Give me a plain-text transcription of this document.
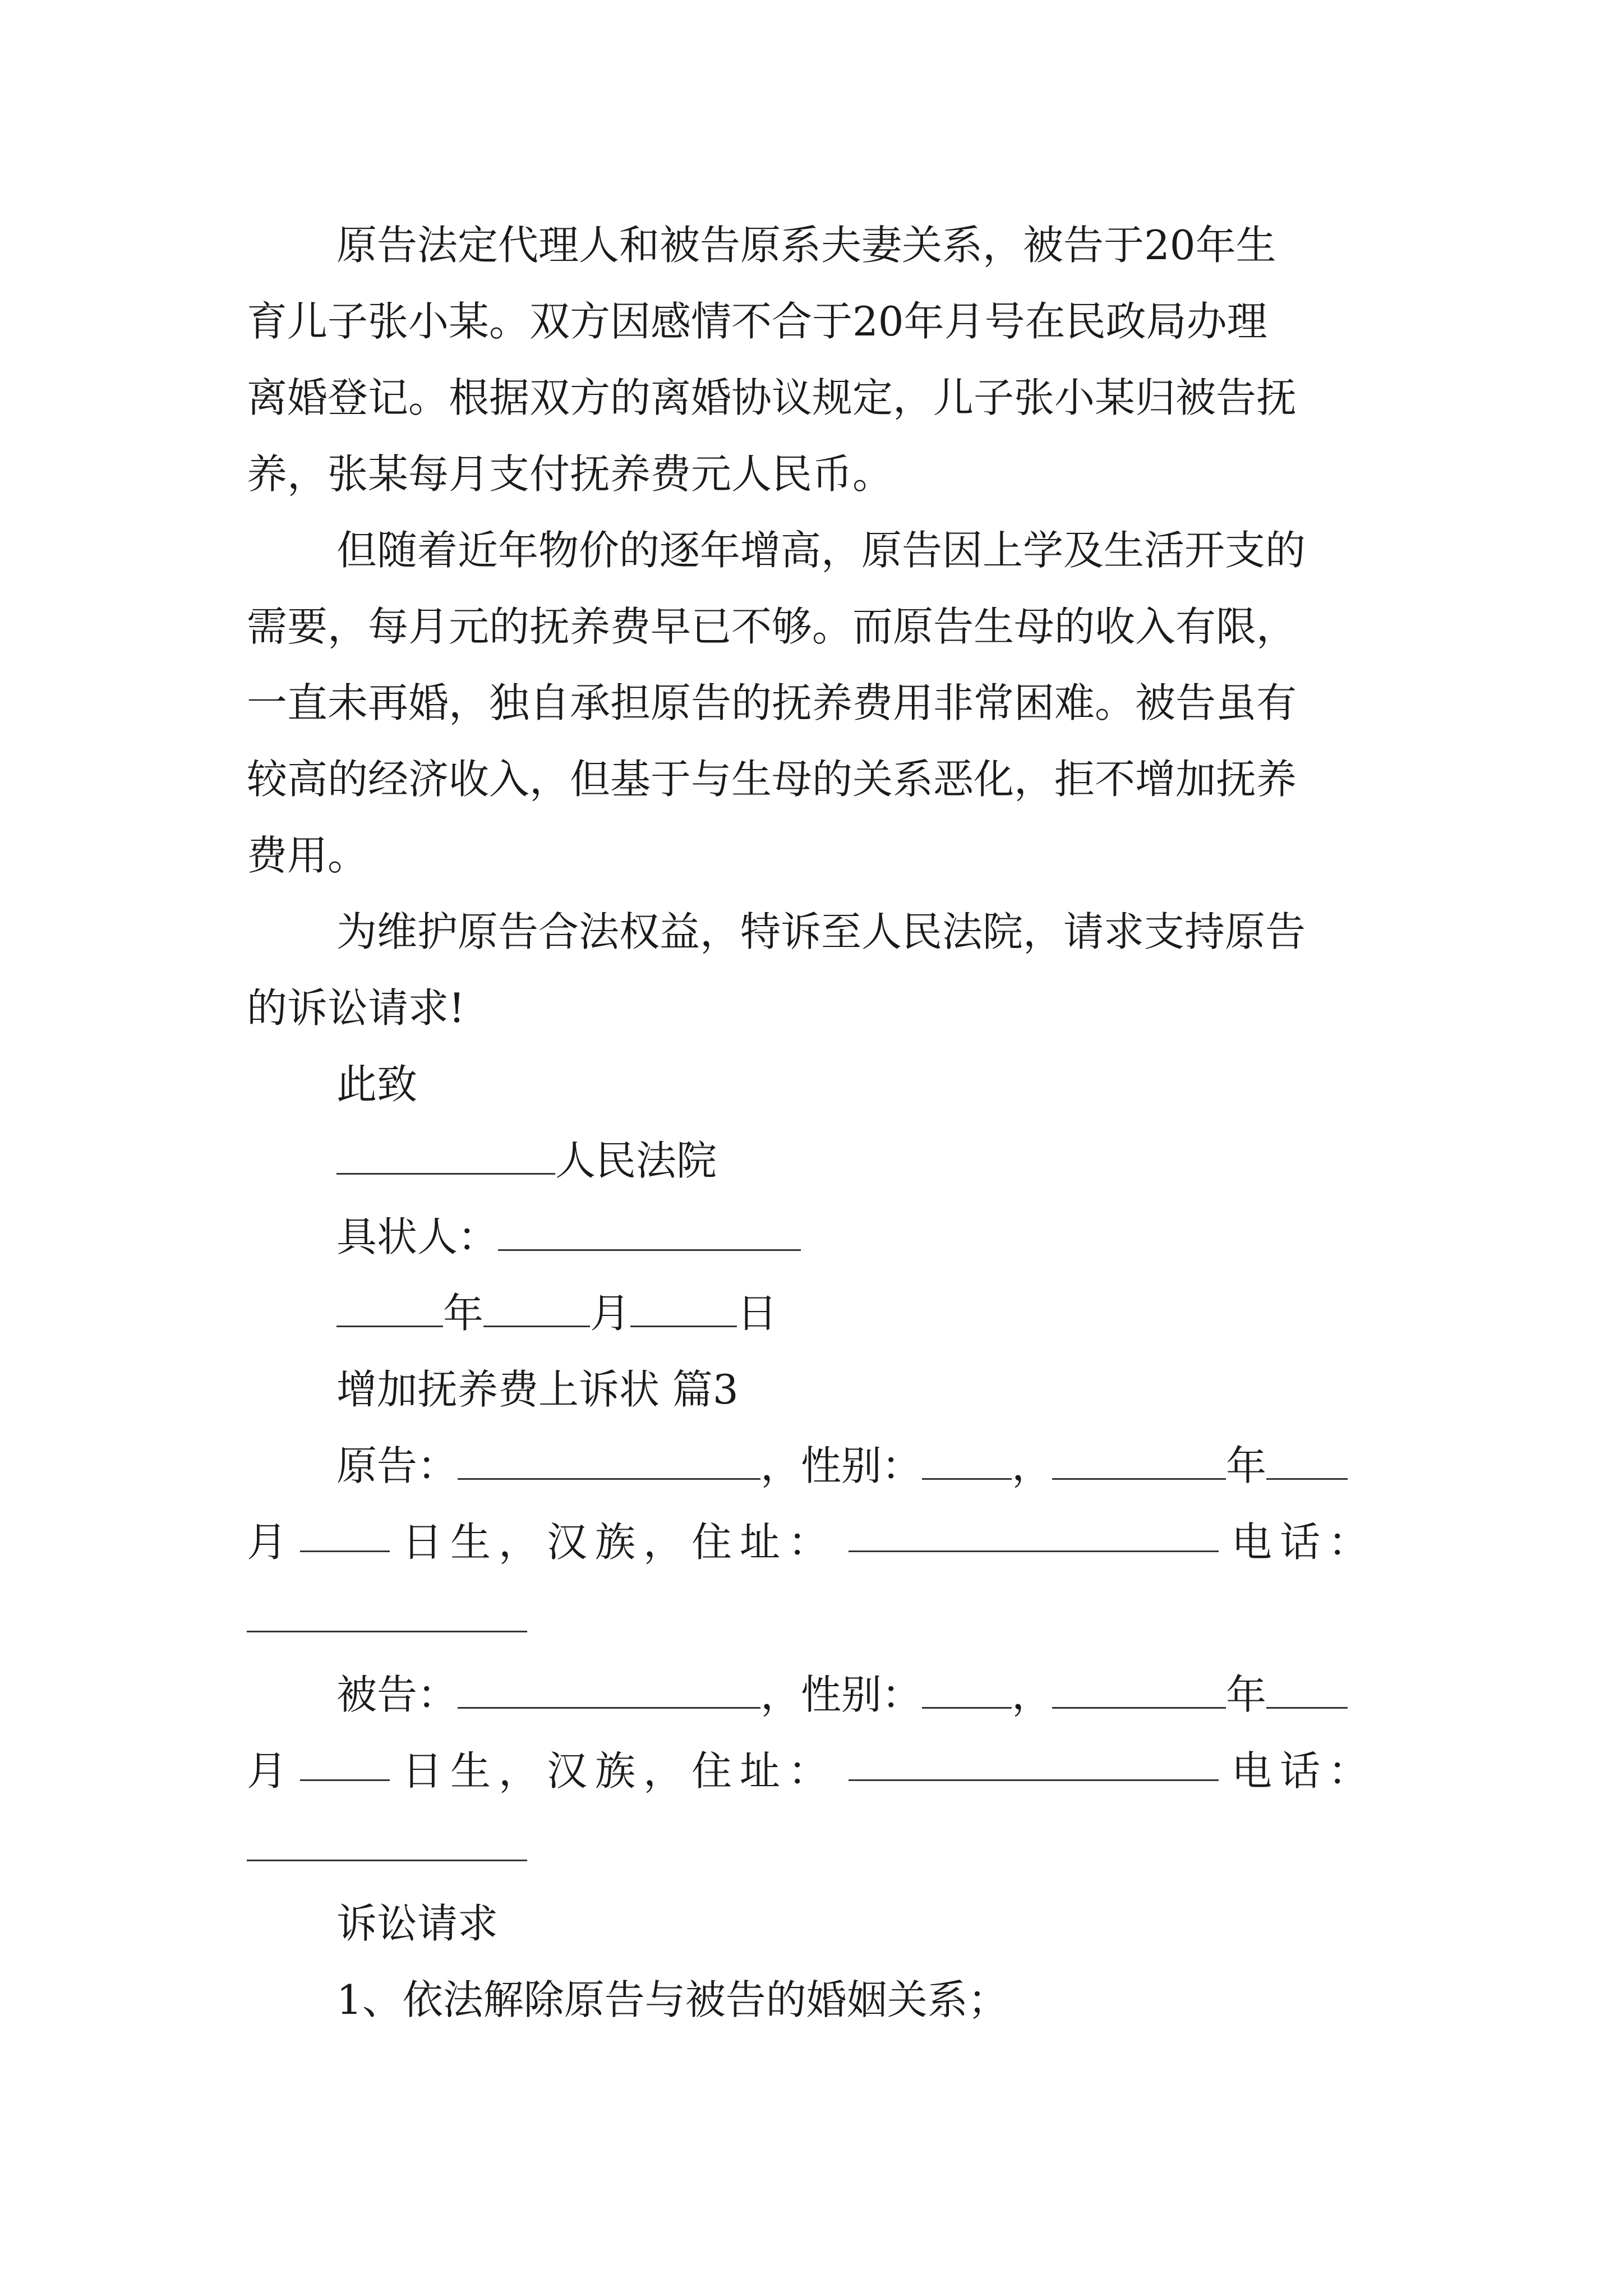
原告法定代理人和被告原系夫妻关系，被告于20年生
育儿子张小某。双方因感情不合于20年月号在民政局办理
离婚登记。根据双方的离婚协议规定，儿子张小某归被告抚
养，张某每月支付抚养费元人民币。
但随着近年物价的逐年增高，原告因上学及生活开支的
需要，每月元的抚养费早已不够。而原告生母的收入有限，
一直未再婚，独自承担原告的抚养费用非常困难。被告虽有
较高的经济收入，但基于与生母的关系恶化，拒不增加抚养
费用。
为维护原告合法权益，特诉至人民法院，请求支持原告
的诉讼请求!
此致
人民法院
具状人：
年	月	日
增加抚养费上诉状 篇3
原告：	，性别： ，	年
月	日生，汉族，住址：	电话：
被告：	，性别： ，	年
月	日生，汉族，住址：	电话：
诉讼请求
1、依法解除原告与被告的婚姻关系；
